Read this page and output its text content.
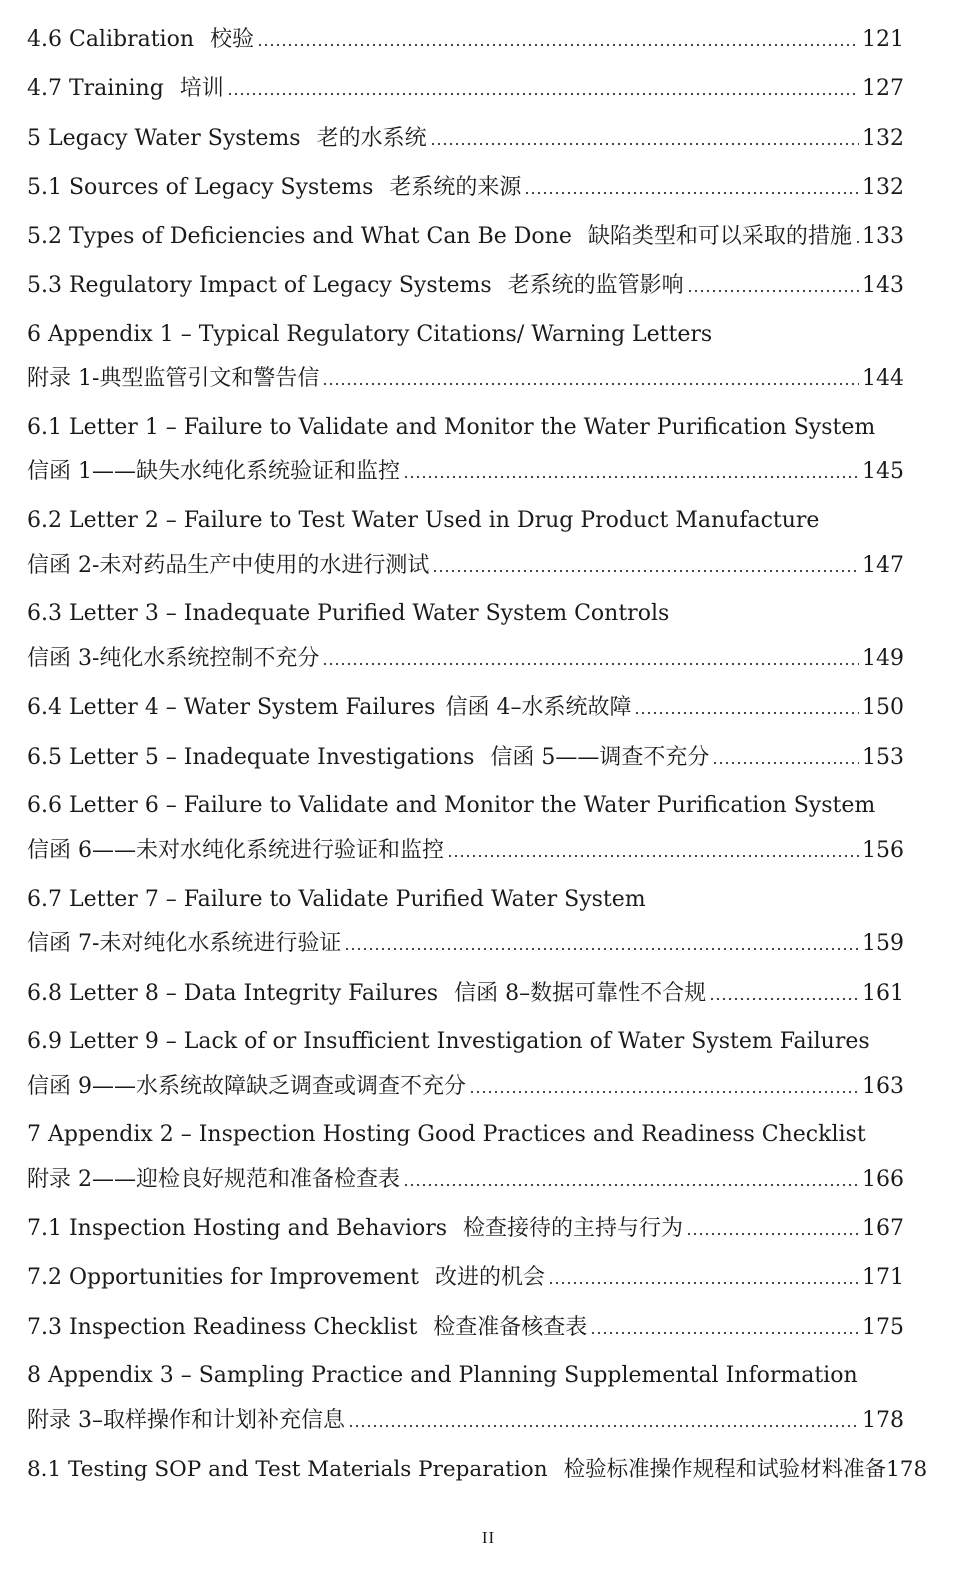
4.6 Calibration 校验	121
4.7 Training 培训	127
5 Legacy Water Systems 老的水系统	132
5.1 Sources of Legacy Systems 老系统的来源	132
5.2 Types of Deficiencies and What Can Be Done 缺陷类型和可以采取的措施 133
5.3 Regulatory Impact of Legacy Systems 老系统的监管影响	143
6 Appendix 1 – Typical Regulatory Citations/ Warning Letters
附录 1-典型监管引文和警告信	144
6.1 Letter 1 – Failure to Validate and Monitor the Water Purification System
信函 1——缺失水纯化系统验证和监控	145
6.2 Letter 2 – Failure to Test Water Used in Drug Product Manufacture
信函 2-未对药品生产中使用的水进行测试	147
6.3 Letter 3 – Inadequate Purified Water System Controls
信函 3-纯化水系统控制不充分	149
6.4 Letter 4 – Water System Failures 信函 4–水系统故障	150
6.5 Letter 5 – Inadequate Investigations 信函 5——调查不充分	153
6.6 Letter 6 – Failure to Validate and Monitor the Water Purification System
信函 6——未对水纯化系统进行验证和监控	156
6.7 Letter 7 – Failure to Validate Purified Water System
信函 7-未对纯化水系统进行验证	159
6.8 Letter 8 – Data Integrity Failures 信函 8–数据可靠性不合规	161
6.9 Letter 9 – Lack of or Insufficient Investigation of Water System Failures
信函 9——水系统故障缺乏调查或调查不充分	163
7 Appendix 2 – Inspection Hosting Good Practices and Readiness Checklist
附录 2——迎检良好规范和准备检查表	166
7.1 Inspection Hosting and Behaviors 检查接待的主持与行为	167
7.2 Opportunities for Improvement 改进的机会	171
7.3 Inspection Readiness Checklist 检查准备核查表	175
8 Appendix 3 – Sampling Practice and Planning Supplemental Information
附录 3–取样操作和计划补充信息	178
8.1 Testing SOP and Test Materials Preparation 检验标准操作规程和试验材料准备 178
II
